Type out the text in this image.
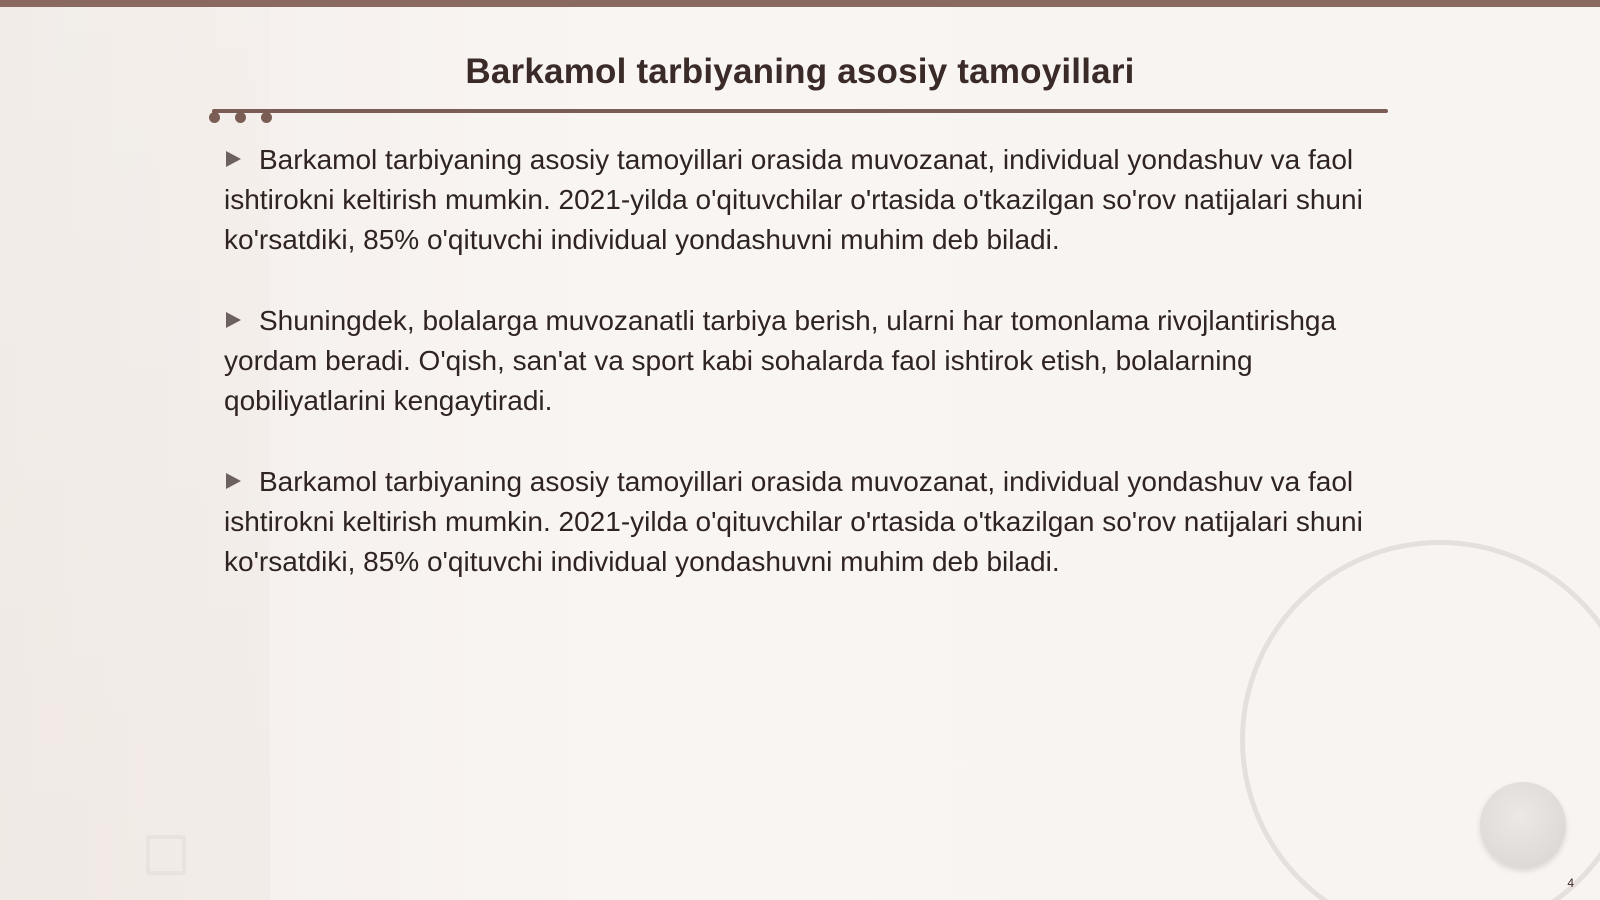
Barkamol tarbiyaning asosiy tamoyillari

Barkamol tarbiyaning asosiy tamoyillari orasida muvozanat, individual yondashuv va faol ishtirokni keltirish mumkin. 2021-yilda o'qituvchilar o'rtasida o'tkazilgan so'rov natijalari shuni ko'rsatdiki, 85% o'qituvchi individual yondashuvni muhim deb biladi.

Shuningdek, bolalarga muvozanatli tarbiya berish, ularni har tomonlama rivojlantirishga yordam beradi. O'qish, san'at va sport kabi sohalarda faol ishtirok etish, bolalarning qobiliyatlarini kengaytiradi.

Barkamol tarbiyaning asosiy tamoyillari orasida muvozanat, individual yondashuv va faol ishtirokni keltirish mumkin. 2021-yilda o'qituvchilar o'rtasida o'tkazilgan so'rov natijalari shuni ko'rsatdiki, 85% o'qituvchi individual yondashuvni muhim deb biladi.

4
